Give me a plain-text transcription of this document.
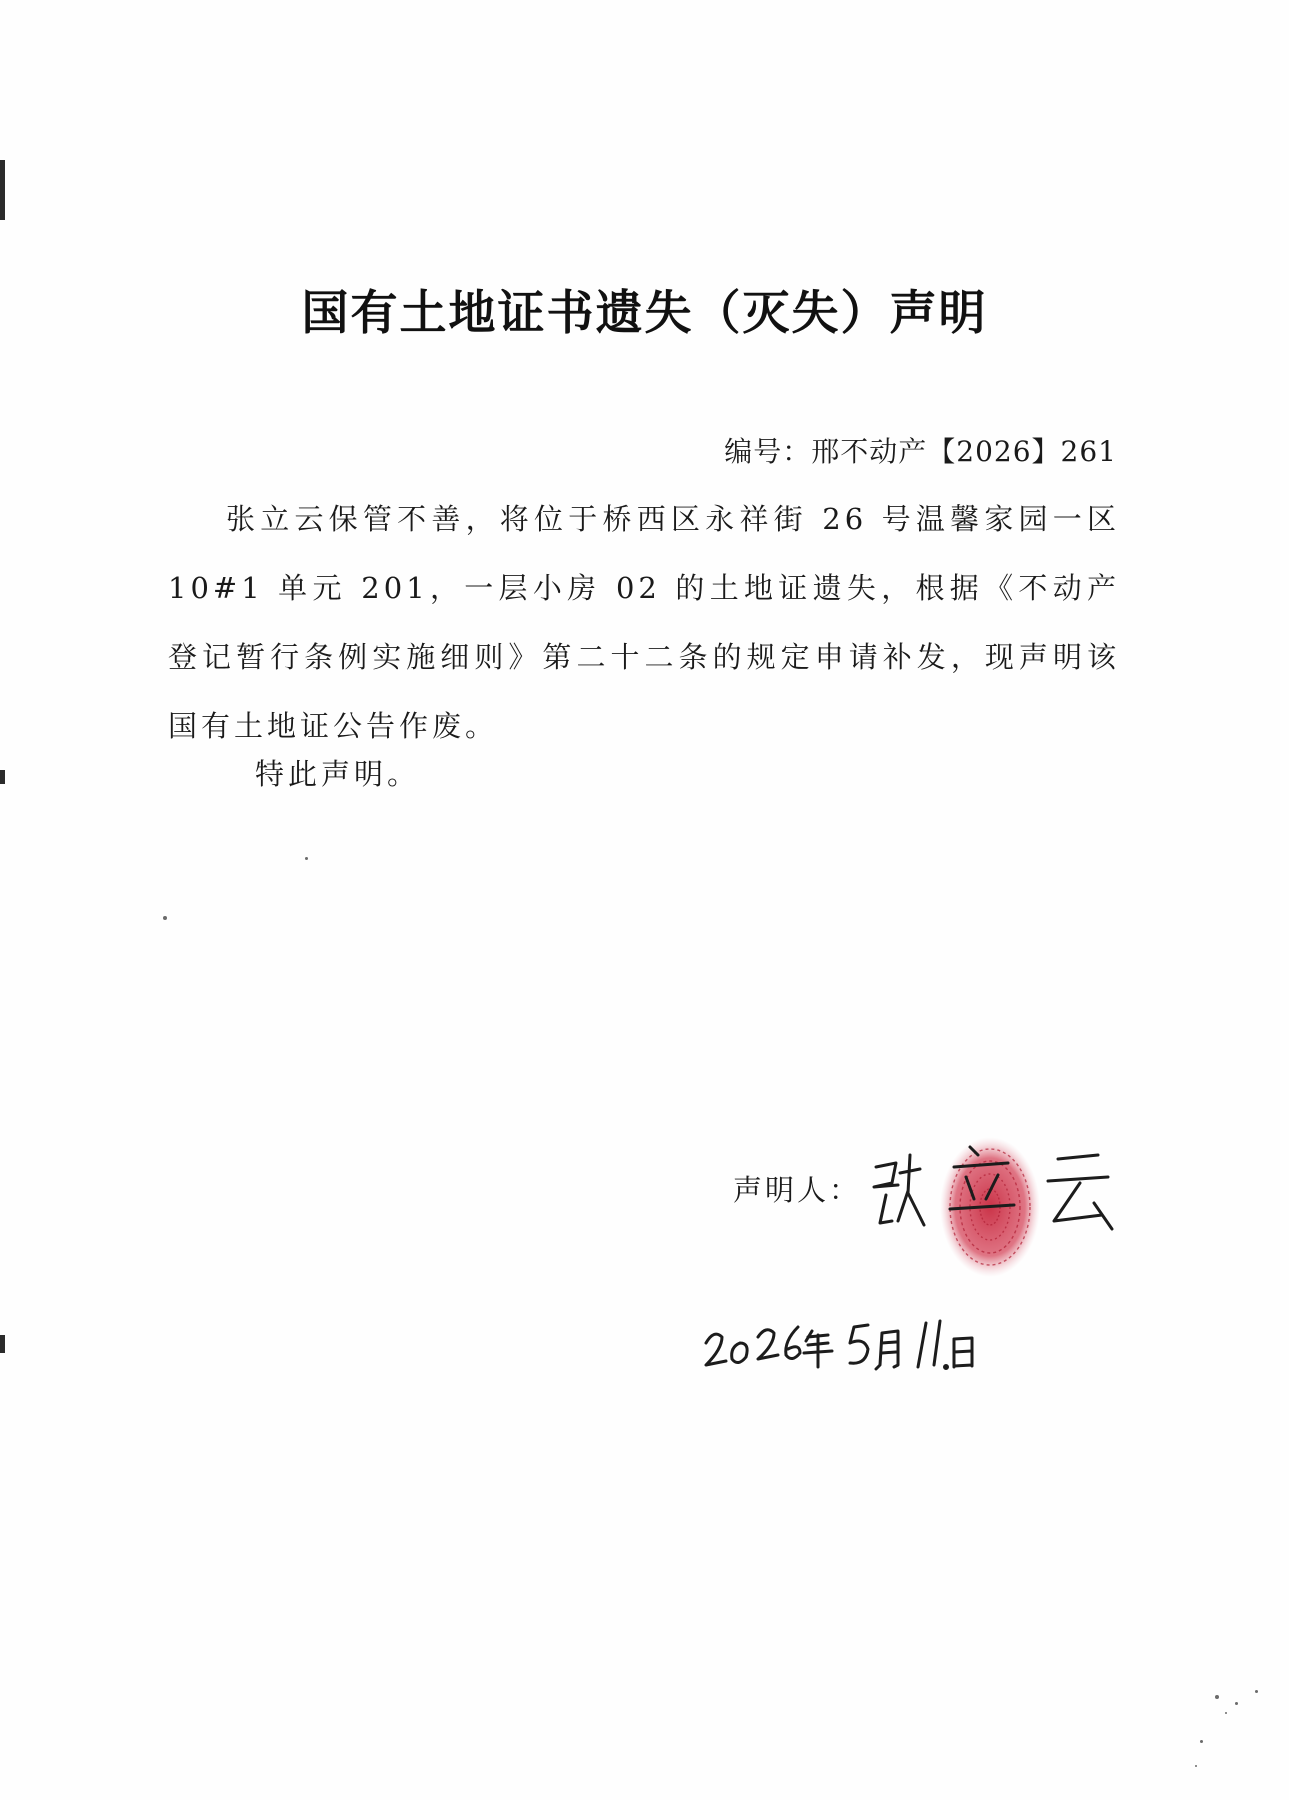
国有土地证书遗失（灭失）声明
编号：邢不动产【2026】261

张立云保管不善，将位于桥西区永祥街 26 号温馨家园一区 10#1 单元 201，一层小房 02 的土地证遗失，根据《不动产登记暂行条例实施细则》第二十二条的规定申请补发，现声明该国有土地证公告作废。

特此声明。

声明人：
